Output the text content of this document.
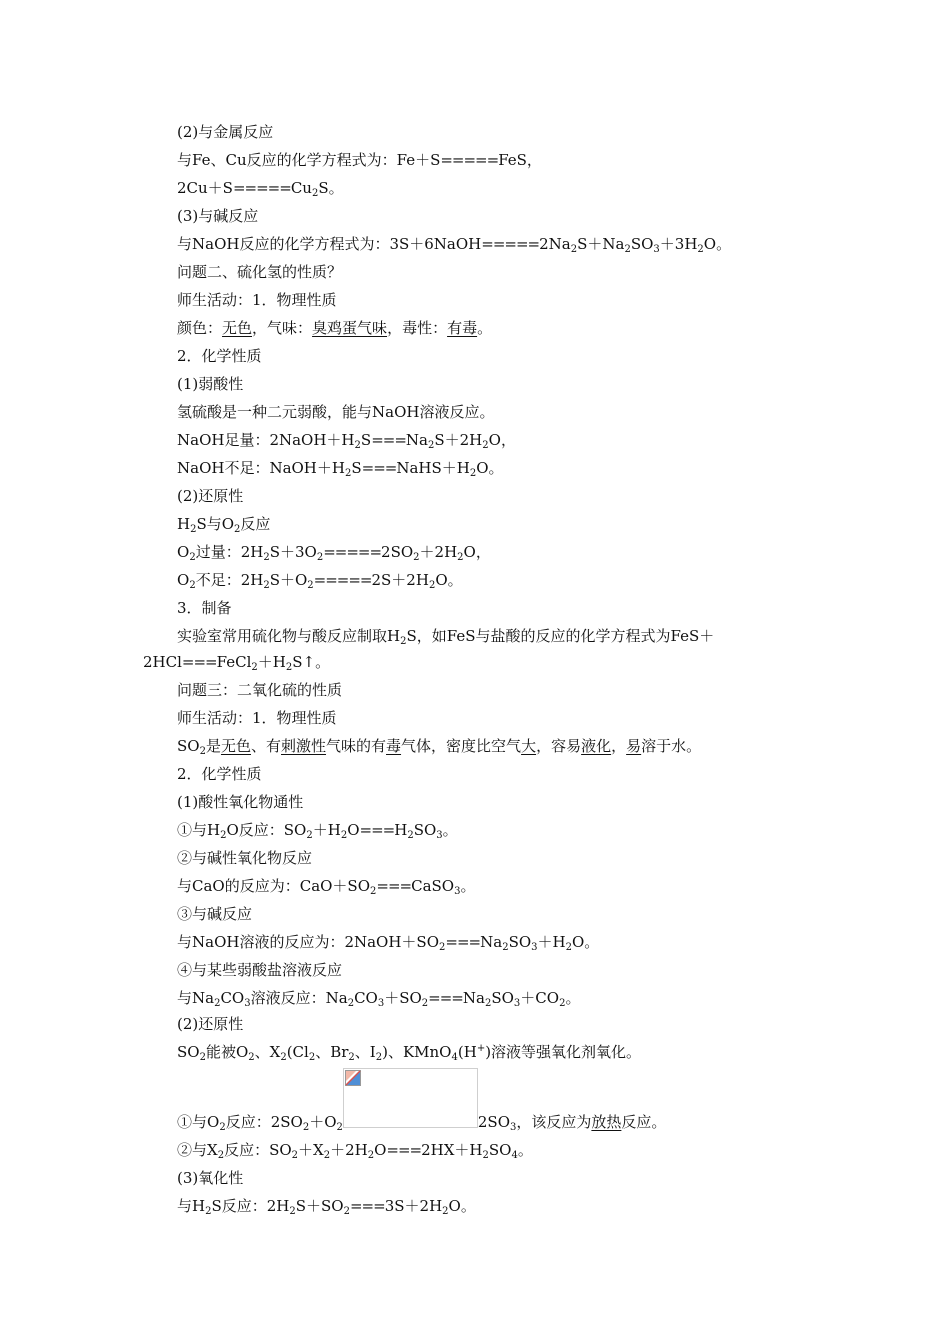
(2)与金属反应
与Fe、Cu反应的化学方程式为：Fe＋S=====FeS，
$2Cu+S=====Cu_2S$。
(3)与碱反应
与NaOH反应的化学方程式为：$3S+6NaOH=====2Na_2S+Na_2SO_3+3H_2O$。
问题二、硫化氢的性质？
师生活动：1．物理性质
颜色：无色，气味：臭鸡蛋气味，毒性：有毒。
2．化学性质
(1)弱酸性
氢硫酸是一种二元弱酸，能与NaOH溶液反应。
NaOH足量：$2NaOH+H_2S===Na_2S+2H_2O$，
NaOH不足：$NaOH+H_2S===NaHS+H_2O$。
(2)还原性
$H_2S$与$O_2$反应
$O_2$过量：$2H_2S+3O_2=====2SO_2+2H_2O$，
$O_2$不足：$2H_2S+O_2=====2S+2H_2O$。
3．制备
实验室常用硫化物与酸反应制取$H_2S$，如FeS与盐酸的反应的化学方程式为FeS＋
$2HCl===FeCl_2+H_2S↑$。
问题三：二氧化硫的性质
师生活动：1．物理性质
$SO_2$是无色、有刺激性气味的有毒气体，密度比空气大，容易液化，易溶于水。
2．化学性质
(1)酸性氧化物通性
①与$H_2O$反应：$SO_2+H_2O===H_2SO_3$。
②与碱性氧化物反应
与CaO的反应为：$CaO+SO_2===CaSO_3$。
③与碱反应
与NaOH溶液的反应为：$2NaOH+SO_2===Na_2SO_3+H_2O$。
④与某些弱酸盐溶液反应
与$Na_2CO_3$溶液反应：$Na_2CO_3+SO_2===Na_2SO_3+CO_2$。
(2)还原性
$SO_2$能被$O_2$、$X_2(Cl_2$、$Br_2$、$I_2$)、KMnO$_4$(H+)溶液等强氧化剂氧化。
①与$O_2$反应：$2SO_2+O_2$	$2SO_3$，该反应为放热反应。
②与$X_2$反应：$SO_2+X_2+2H_2O===2HX+H_2SO_4$。
(3)氧化性
与$H_2S$反应：$2H_2S+SO_2===3S+2H_2O$。
